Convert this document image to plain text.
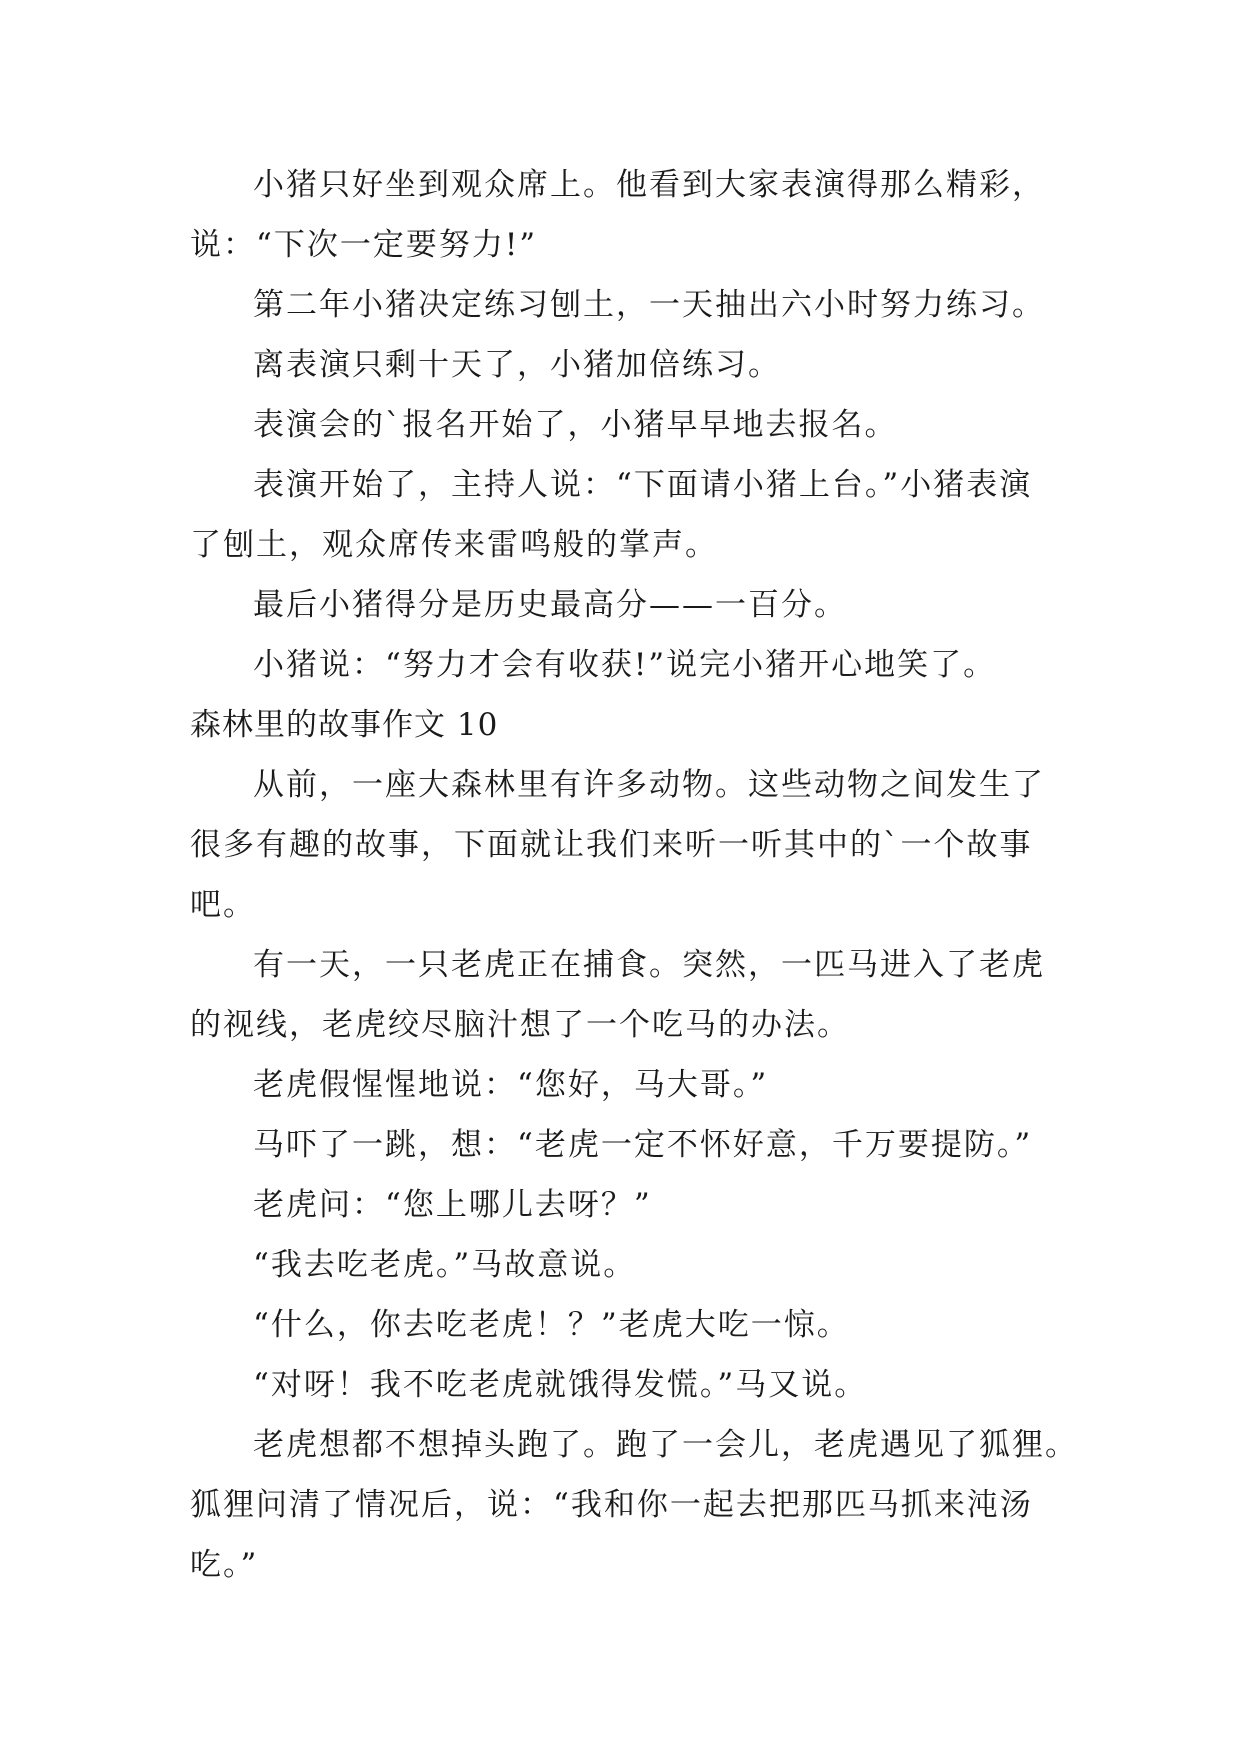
小猪只好坐到观众席上。他看到大家表演得那么精彩，
说：“下次一定要努力!”
第二年小猪决定练习刨土，一天抽出六小时努力练习。
离表演只剩十天了，小猪加倍练习。
表演会的`报名开始了，小猪早早地去报名。
表演开始了，主持人说：“下面请小猪上台。”小猪表演
了刨土，观众席传来雷鸣般的掌声。
最后小猪得分是历史最高分——一百分。
小猪说：“努力才会有收获!”说完小猪开心地笑了。
森林里的故事作文 10
从前，一座大森林里有许多动物。这些动物之间发生了
很多有趣的故事，下面就让我们来听一听其中的`一个故事
吧。
有一天，一只老虎正在捕食。突然，一匹马进入了老虎
的视线，老虎绞尽脑汁想了一个吃马的办法。
老虎假惺惺地说：“您好，马大哥。”
马吓了一跳，想：“老虎一定不怀好意，千万要提防。”
老虎问：“您上哪儿去呀？”
“我去吃老虎。”马故意说。
“什么，你去吃老虎！？”老虎大吃一惊。
“对呀！我不吃老虎就饿得发慌。”马又说。
老虎想都不想掉头跑了。跑了一会儿，老虎遇见了狐狸。
狐狸问清了情况后，说：“我和你一起去把那匹马抓来沌汤
吃。”
